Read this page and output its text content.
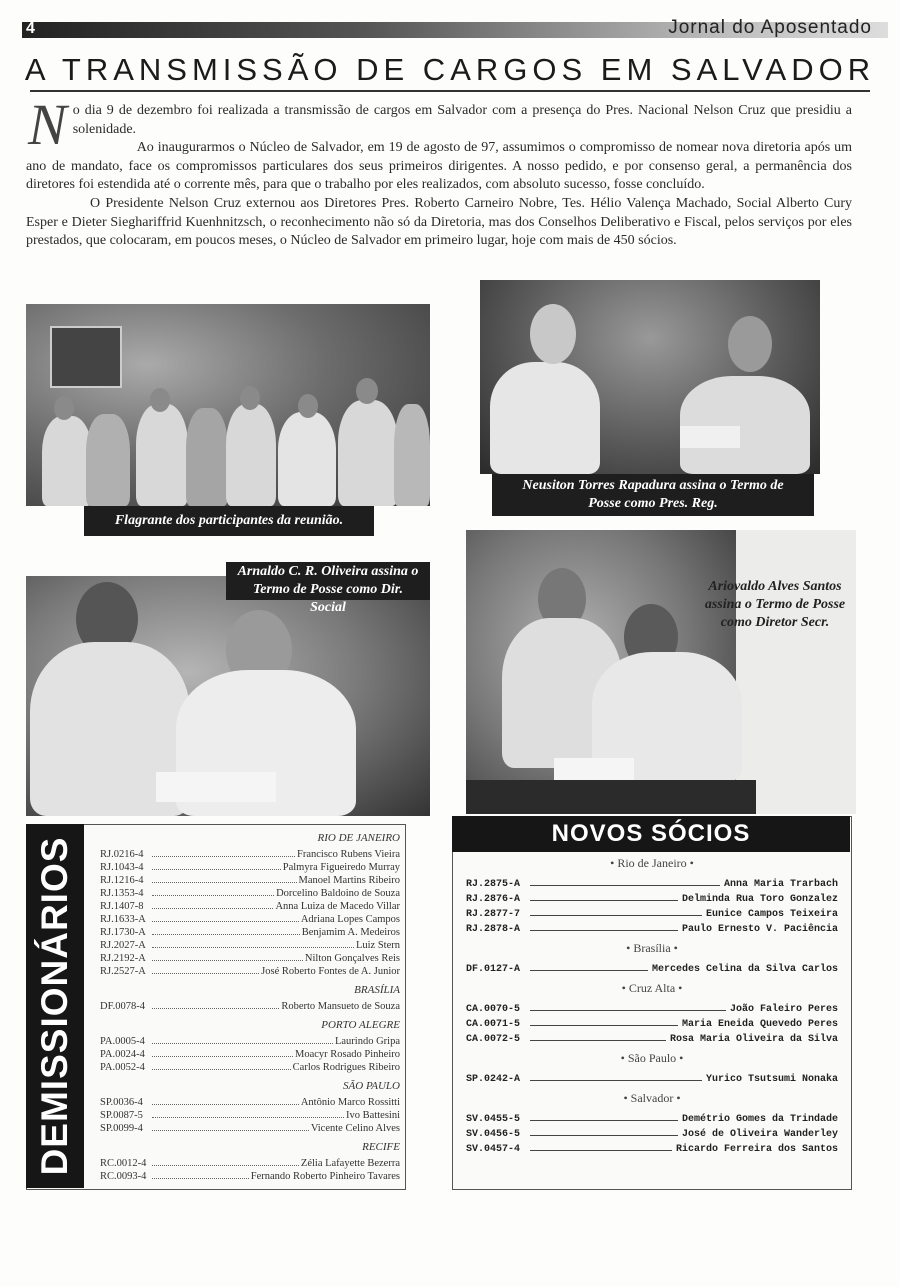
4	Jornal do Aposentado
A TRANSMISSÃO DE CARGOS EM SALVADOR

N o dia 9 de dezembro foi realizada a transmissão de cargos em Salvador com a presença do Pres. Nacional Nelson Cruz que presidiu a solenidade.

Ao inaugurarmos o Núcleo de Salvador, em 19 de agosto de 97, assumimos o compromisso de nomear nova diretoria após um ano de mandato, face os compromissos particulares dos seus primeiros dirigentes. A nosso pedido, e por consenso geral, a permanência dos diretores foi estendida até o corrente mês, para que o trabalho por eles realizados, com absoluto sucesso, fosse concluído.

O Presidente Nelson Cruz externou aos Diretores Pres. Roberto Carneiro Nobre, Tes. Hélio Valença Machado, Social Alberto Cury Esper e Dieter Sieghariffrid Kuenhnitzsch, o reconhecimento não só da Diretoria, mas dos Conselhos Deliberativo e Fiscal, pelos serviços por eles prestados, que colocaram, em poucos meses, o Núcleo de Salvador em primeiro lugar, hoje com mais de 450 sócios.

Flagrante dos participantes da reunião.
Neusiton Torres Rapadura assina o Termo de Posse como Pres. Reg.
Arnaldo C. R. Oliveira assina o Termo de Posse como Dir. Social
Ariovaldo Alves Santos assina o Termo de Posse como Diretor Secr.
DEMISSIONÁRIOS	RIO DE JANEIRO
RJ.0216-4	Francisco Rubens Vieira
RJ.1043-4	Palmyra Figueiredo Murray
RJ.1216-4	Manoel Martins Ribeiro
RJ.1353-4	Dorcelino Baldoino de Souza
RJ.1407-8	Anna Luiza de Macedo Villar
RJ.1633-A	Adriana Lopes Campos
RJ.1730-A	Benjamim A. Medeiros
RJ.2027-A	Luiz Stern
RJ.2192-A	Nilton Gonçalves Reis
RJ.2527-A	José Roberto Fontes de A. Junior
BRASÍLIA
DF.0078-4	Roberto Mansueto de Souza
PORTO ALEGRE
PA.0005-4	Laurindo Gripa
PA.0024-4	Moacyr Rosado Pinheiro
PA.0052-4	Carlos Rodrigues Ribeiro
SÃO PAULO
SP.0036-4	Antônio Marco Rossitti
SP.0087-5	Ivo Battesini
SP.0099-4	Vicente Celino Alves
RECIFE
RC.0012-4	Zélia Lafayette Bezerra
RC.0093-4	Fernando Roberto Pinheiro Tavares
NOVOS SÓCIOS
• Rio de Janeiro •
RJ.2875-A	Anna Maria Trarbach
RJ.2876-A	Delminda Rua Toro Gonzalez
RJ.2877-7	Eunice Campos Teixeira
RJ.2878-A	Paulo Ernesto V. Paciência
• Brasília •
DF.0127-A	Mercedes Celina da Silva Carlos
• Cruz Alta •
CA.0070-5	João Faleiro Peres
CA.0071-5	Maria Eneida Quevedo Peres
CA.0072-5	Rosa Maria Oliveira da Silva
• São Paulo •
SP.0242-A	Yurico Tsutsumi Nonaka
• Salvador •
SV.0455-5	Demétrio Gomes da Trindade
SV.0456-5	José de Oliveira Wanderley
SV.0457-4	Ricardo Ferreira dos Santos
